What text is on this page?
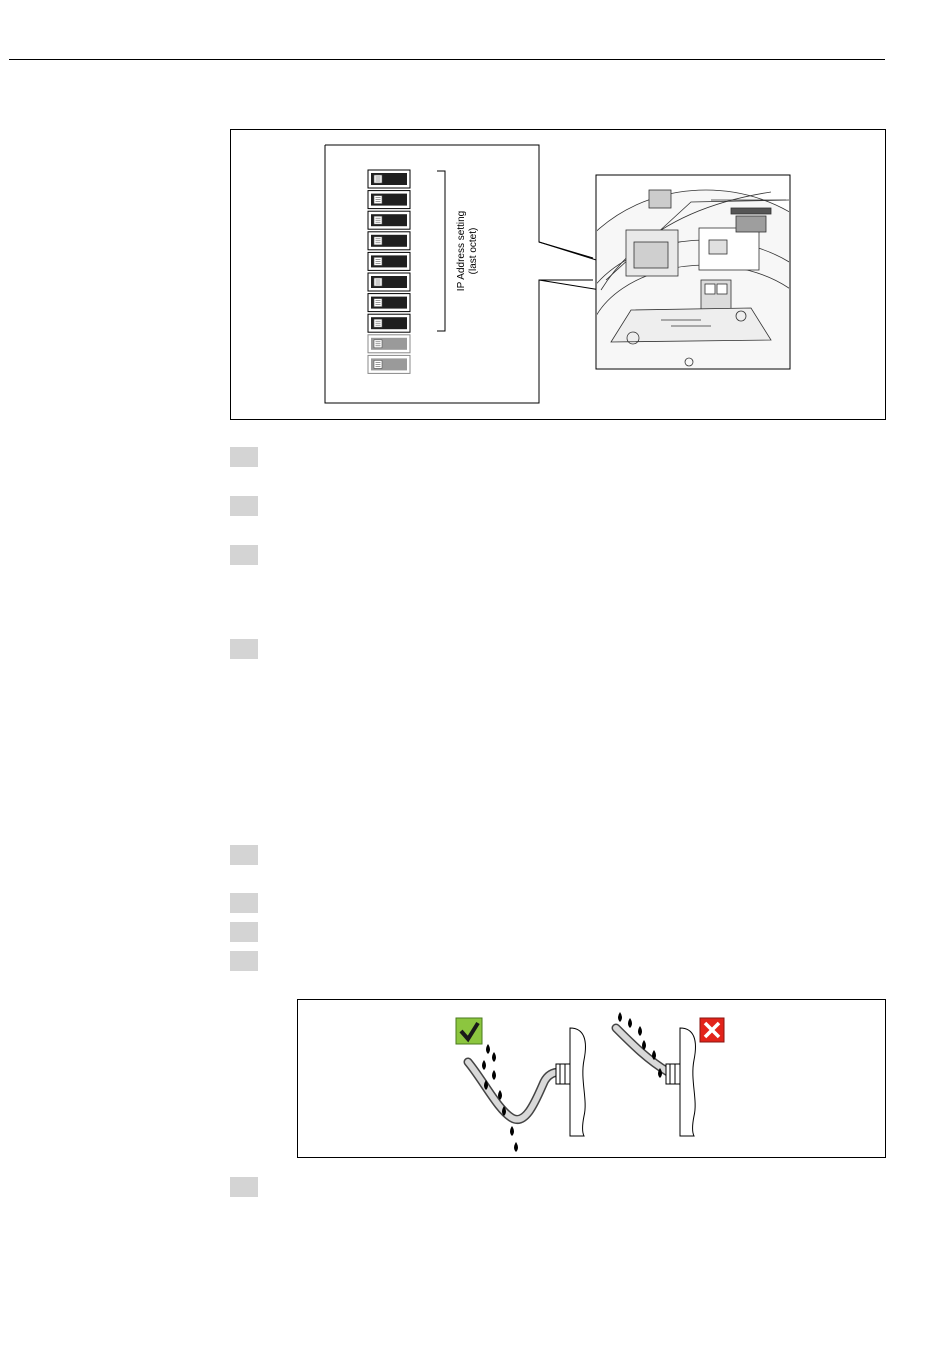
IP Address setting (last octet)
